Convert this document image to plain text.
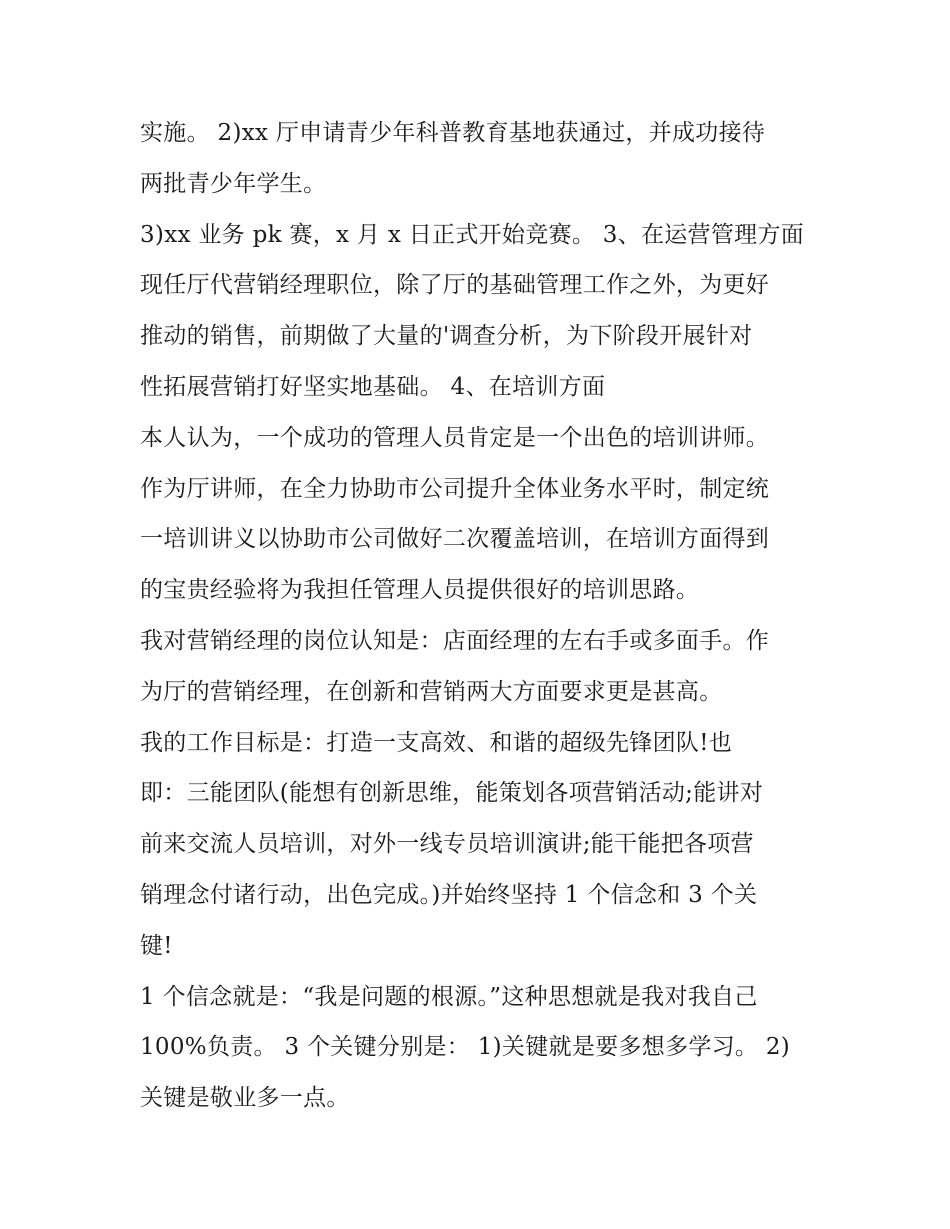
实施。 2)xx 厅申请青少年科普教育基地获通过，并成功接待
两批青少年学生。
3)xx 业务 pk 赛，x 月 x 日正式开始竞赛。 3、在运营管理方面
现任厅代营销经理职位，除了厅的基础管理工作之外，为更好
推动的销售，前期做了大量的'调查分析，为下阶段开展针对
性拓展营销打好坚实地基础。 4、在培训方面
本人认为，一个成功的管理人员肯定是一个出色的培训讲师。
作为厅讲师，在全力协助市公司提升全体业务水平时，制定统
一培训讲义以协助市公司做好二次覆盖培训，在培训方面得到
的宝贵经验将为我担任管理人员提供很好的培训思路。
我对营销经理的岗位认知是：店面经理的左右手或多面手。作
为厅的营销经理，在创新和营销两大方面要求更是甚高。
我的工作目标是：打造一支高效、和谐的超级先锋团队!也
即：三能团队(能想有创新思维，能策划各项营销活动;能讲对
前来交流人员培训，对外一线专员培训演讲;能干能把各项营
销理念付诸行动，出色完成。)并始终坚持 1 个信念和 3 个关
键!
1 个信念就是：“我是问题的根源。”这种思想就是我对我自己
100%负责。 3 个关键分别是： 1)关键就是要多想多学习。 2)
关键是敬业多一点。
